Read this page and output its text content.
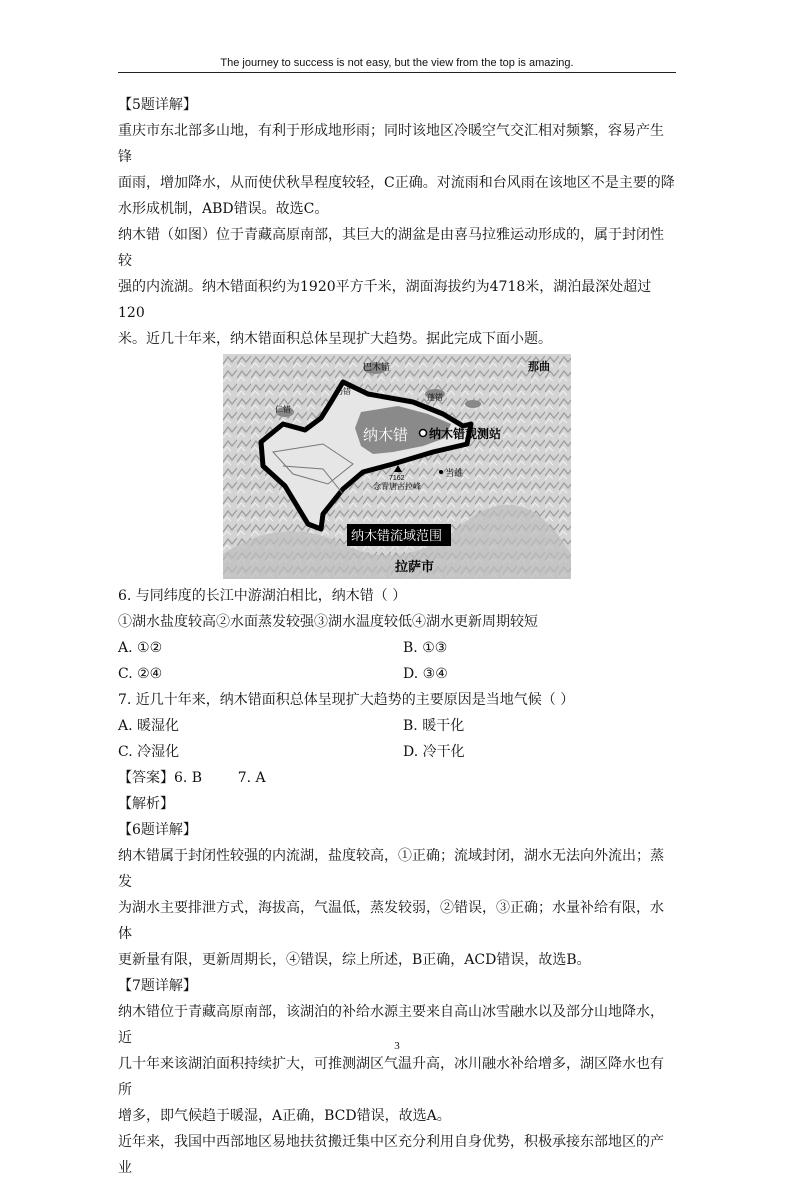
The journey to success is not easy, but the view from the top is amazing.

【5题详解】

重庆市东北部多山地，有利于形成地形雨；同时该地区冷暖空气交汇相对频繁，容易产生锋

面雨，增加降水，从而使伏秋旱程度较轻，C正确。对流雨和台风雨在该地区不是主要的降

水形成机制，ABD错误。故选C。

纳木错（如图）位于青藏高原南部，其巨大的湖盆是由喜马拉雅运动形成的，属于封闭性较

强的内流湖。纳木错面积约为1920平方千米，湖面海拔约为4718米，湖泊最深处超过120

米。近几十年来，纳木错面积总体呈现扩大趋势。据此完成下面小题。

纳木错 纳木错观测站
巴木错
蓬错
乃错
仁错
那曲
当雄
7162
念青唐古拉峰
纳木错流域范围
拉萨市

6. 与同纬度的长江中游湖泊相比，纳木错（ ）

①湖水盐度较高②水面蒸发较强③湖水温度较低④湖水更新周期较短

A. ①②	B. ①③
C. ②④	D. ③④

7. 近几十年来，纳木错面积总体呈现扩大趋势的主要原因是当地气候（ ）

A. 暖湿化	B. 暖干化
C. 冷湿化	D. 冷干化

【答案】6. B        7. A

【解析】

【6题详解】

纳木错属于封闭性较强的内流湖，盐度较高，①正确；流域封闭，湖水无法向外流出；蒸发

为湖水主要排泄方式，海拔高，气温低，蒸发较弱，②错误，③正确；水量补给有限，水体

更新量有限，更新周期长，④错误，综上所述，B正确，ACD错误，故选B。

【7题详解】

纳木错位于青藏高原南部，该湖泊的补给水源主要来自高山冰雪融水以及部分山地降水，近

几十年来该湖泊面积持续扩大，可推测湖区气温升高，冰川融水补给增多，湖区降水也有所

增多，即气候趋于暖湿，A正确，BCD错误，故选A。

近年来，我国中西部地区易地扶贫搬迁集中区充分利用自身优势，积极承接东部地区的产业

3
